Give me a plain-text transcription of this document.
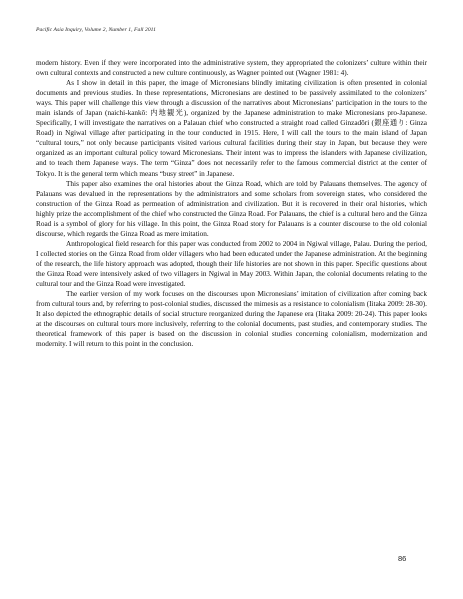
Pacific Asia Inquiry, Volume 2, Number 1, Fall 2011

modern history. Even if they were incorporated into the administrative system, they appropriated the colonizers’ culture within their own cultural contexts and constructed a new culture continuously, as Wagner pointed out (Wagner 1981: 4).

As I show in detail in this paper, the image of Micronesians blindly imitating civilization is often presented in colonial documents and previous studies. In these representations, Micronesians are destined to be passively assimilated to the colonizers’ ways. This paper will challenge this view through a discussion of the narratives about Micronesians’ participation in the tours to the main islands of Japan (naichi-kankō: 内地観光), organized by the Japanese administration to make Micronesians pro-Japanese. Specifically, I will investigate the narratives on a Palauan chief who constructed a straight road called Ginzadōri (銀座通り: Ginza Road) in Ngiwal village after participating in the tour conducted in 1915. Here, I will call the tours to the main island of Japan “cultural tours,” not only because participants visited various cultural facilities during their stay in Japan, but because they were organized as an important cultural policy toward Micronesians. Their intent was to impress the islanders with Japanese civilization, and to teach them Japanese ways. The term “Ginza” does not necessarily refer to the famous commercial district at the center of Tokyo. It is the general term which means “busy street” in Japanese.

This paper also examines the oral histories about the Ginza Road, which are told by Palauans themselves. The agency of Palauans was devalued in the representations by the administrators and some scholars from sovereign states, who considered the construction of the Ginza Road as permeation of administration and civilization. But it is recovered in their oral histories, which highly prize the accomplishment of the chief who constructed the Ginza Road. For Palauans, the chief is a cultural hero and the Ginza Road is a symbol of glory for his village. In this point, the Ginza Road story for Palauans is a counter discourse to the old colonial discourse, which regards the Ginza Road as mere imitation.

Anthropological field research for this paper was conducted from 2002 to 2004 in Ngiwal village, Palau. During the period, I collected stories on the Ginza Road from older villagers who had been educated under the Japanese administration. At the beginning of the research, the life history approach was adopted, though their life histories are not shown in this paper. Specific questions about the Ginza Road were intensively asked of two villagers in Ngiwal in May 2003. Within Japan, the colonial documents relating to the cultural tour and the Ginza Road were investigated.

The earlier version of my work focuses on the discourses upon Micronesians’ imitation of civilization after coming back from cultural tours and, by referring to post-colonial studies, discussed the mimesis as a resistance to colonialism (Iitaka 2009: 28-30). It also depicted the ethnographic details of social structure reorganized during the Japanese era (Iitaka 2009: 20-24). This paper looks at the discourses on cultural tours more inclusively, referring to the colonial documents, past studies, and contemporary studies. The theoretical framework of this paper is based on the discussion in colonial studies concerning colonialism, modernization and modernity. I will return to this point in the conclusion.

86
